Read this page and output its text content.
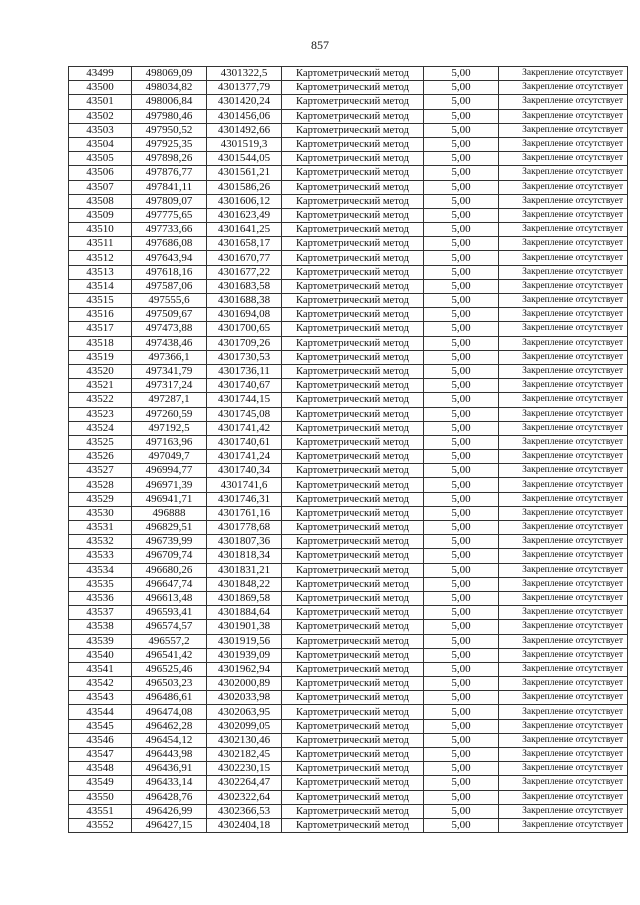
857
43499	498069,09	4301322,5	Картометрический метод	5,00	Закрепление отсутствует
43500	498034,82	4301377,79	Картометрический метод	5,00	Закрепление отсутствует
43501	498006,84	4301420,24	Картометрический метод	5,00	Закрепление отсутствует
43502	497980,46	4301456,06	Картометрический метод	5,00	Закрепление отсутствует
43503	497950,52	4301492,66	Картометрический метод	5,00	Закрепление отсутствует
43504	497925,35	4301519,3	Картометрический метод	5,00	Закрепление отсутствует
43505	497898,26	4301544,05	Картометрический метод	5,00	Закрепление отсутствует
43506	497876,77	4301561,21	Картометрический метод	5,00	Закрепление отсутствует
43507	497841,11	4301586,26	Картометрический метод	5,00	Закрепление отсутствует
43508	497809,07	4301606,12	Картометрический метод	5,00	Закрепление отсутствует
43509	497775,65	4301623,49	Картометрический метод	5,00	Закрепление отсутствует
43510	497733,66	4301641,25	Картометрический метод	5,00	Закрепление отсутствует
43511	497686,08	4301658,17	Картометрический метод	5,00	Закрепление отсутствует
43512	497643,94	4301670,77	Картометрический метод	5,00	Закрепление отсутствует
43513	497618,16	4301677,22	Картометрический метод	5,00	Закрепление отсутствует
43514	497587,06	4301683,58	Картометрический метод	5,00	Закрепление отсутствует
43515	497555,6	4301688,38	Картометрический метод	5,00	Закрепление отсутствует
43516	497509,67	4301694,08	Картометрический метод	5,00	Закрепление отсутствует
43517	497473,88	4301700,65	Картометрический метод	5,00	Закрепление отсутствует
43518	497438,46	4301709,26	Картометрический метод	5,00	Закрепление отсутствует
43519	497366,1	4301730,53	Картометрический метод	5,00	Закрепление отсутствует
43520	497341,79	4301736,11	Картометрический метод	5,00	Закрепление отсутствует
43521	497317,24	4301740,67	Картометрический метод	5,00	Закрепление отсутствует
43522	497287,1	4301744,15	Картометрический метод	5,00	Закрепление отсутствует
43523	497260,59	4301745,08	Картометрический метод	5,00	Закрепление отсутствует
43524	497192,5	4301741,42	Картометрический метод	5,00	Закрепление отсутствует
43525	497163,96	4301740,61	Картометрический метод	5,00	Закрепление отсутствует
43526	497049,7	4301741,24	Картометрический метод	5,00	Закрепление отсутствует
43527	496994,77	4301740,34	Картометрический метод	5,00	Закрепление отсутствует
43528	496971,39	4301741,6	Картометрический метод	5,00	Закрепление отсутствует
43529	496941,71	4301746,31	Картометрический метод	5,00	Закрепление отсутствует
43530	496888	4301761,16	Картометрический метод	5,00	Закрепление отсутствует
43531	496829,51	4301778,68	Картометрический метод	5,00	Закрепление отсутствует
43532	496739,99	4301807,36	Картометрический метод	5,00	Закрепление отсутствует
43533	496709,74	4301818,34	Картометрический метод	5,00	Закрепление отсутствует
43534	496680,26	4301831,21	Картометрический метод	5,00	Закрепление отсутствует
43535	496647,74	4301848,22	Картометрический метод	5,00	Закрепление отсутствует
43536	496613,48	4301869,58	Картометрический метод	5,00	Закрепление отсутствует
43537	496593,41	4301884,64	Картометрический метод	5,00	Закрепление отсутствует
43538	496574,57	4301901,38	Картометрический метод	5,00	Закрепление отсутствует
43539	496557,2	4301919,56	Картометрический метод	5,00	Закрепление отсутствует
43540	496541,42	4301939,09	Картометрический метод	5,00	Закрепление отсутствует
43541	496525,46	4301962,94	Картометрический метод	5,00	Закрепление отсутствует
43542	496503,23	4302000,89	Картометрический метод	5,00	Закрепление отсутствует
43543	496486,61	4302033,98	Картометрический метод	5,00	Закрепление отсутствует
43544	496474,08	4302063,95	Картометрический метод	5,00	Закрепление отсутствует
43545	496462,28	4302099,05	Картометрический метод	5,00	Закрепление отсутствует
43546	496454,12	4302130,46	Картометрический метод	5,00	Закрепление отсутствует
43547	496443,98	4302182,45	Картометрический метод	5,00	Закрепление отсутствует
43548	496436,91	4302230,15	Картометрический метод	5,00	Закрепление отсутствует
43549	496433,14	4302264,47	Картометрический метод	5,00	Закрепление отсутствует
43550	496428,76	4302322,64	Картометрический метод	5,00	Закрепление отсутствует
43551	496426,99	4302366,53	Картометрический метод	5,00	Закрепление отсутствует
43552	496427,15	4302404,18	Картометрический метод	5,00	Закрепление отсутствует
